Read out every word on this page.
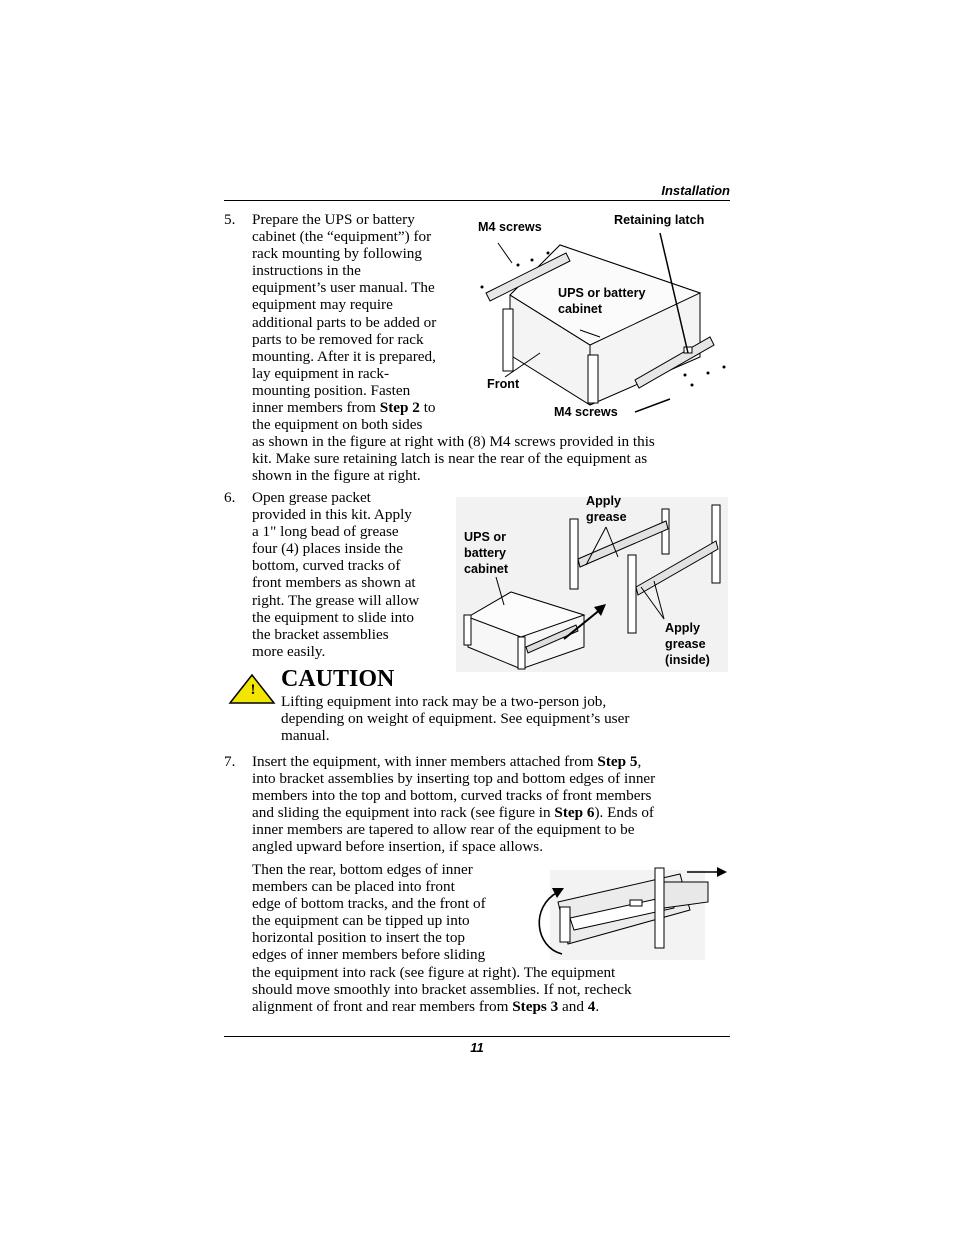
Installation
5. Prepare the UPS or battery
cabinet (the “equipment”) for
rack mounting by following
instructions in the
equipment’s user manual. The
equipment may require
additional parts to be added or
parts to be removed for rack
mounting. After it is prepared,
lay equipment in rack-
mounting position. Fasten
inner members from Step 2 to
the equipment on both sides
as shown in the figure at right with (8) M4 screws provided in this
kit. Make sure retaining latch is near the rear of the equipment as
shown in the figure at right.
M4 screws	Retaining latch
UPS or battery
cabinet
Front
M4 screws
6. Open grease packet
provided in this kit. Apply
a 1" long bead of grease
four (4) places inside the
bottom, curved tracks of
front members as shown at
right. The grease will allow
the equipment to slide into
the bracket assemblies
more easily.
Apply
grease
UPS or
battery
cabinet
Apply
grease
(inside)
! CAUTION
Lifting equipment into rack may be a two-person job,
depending on weight of equipment. See equipment’s user
manual.
7. Insert the equipment, with inner members attached from Step 5,
into bracket assemblies by inserting top and bottom edges of inner
members into the top and bottom, curved tracks of front members
and sliding the equipment into rack (see figure in Step 6). Ends of
inner members are tapered to allow rear of the equipment to be
angled upward before insertion, if space allows.
Then the rear, bottom edges of inner
members can be placed into front
edge of bottom tracks, and the front of
the equipment can be tipped up into
horizontal position to insert the top
edges of inner members before sliding
the equipment into rack (see figure at right). The equipment
should move smoothly into bracket assemblies. If not, recheck
alignment of front and rear members from Steps 3 and 4.
11
